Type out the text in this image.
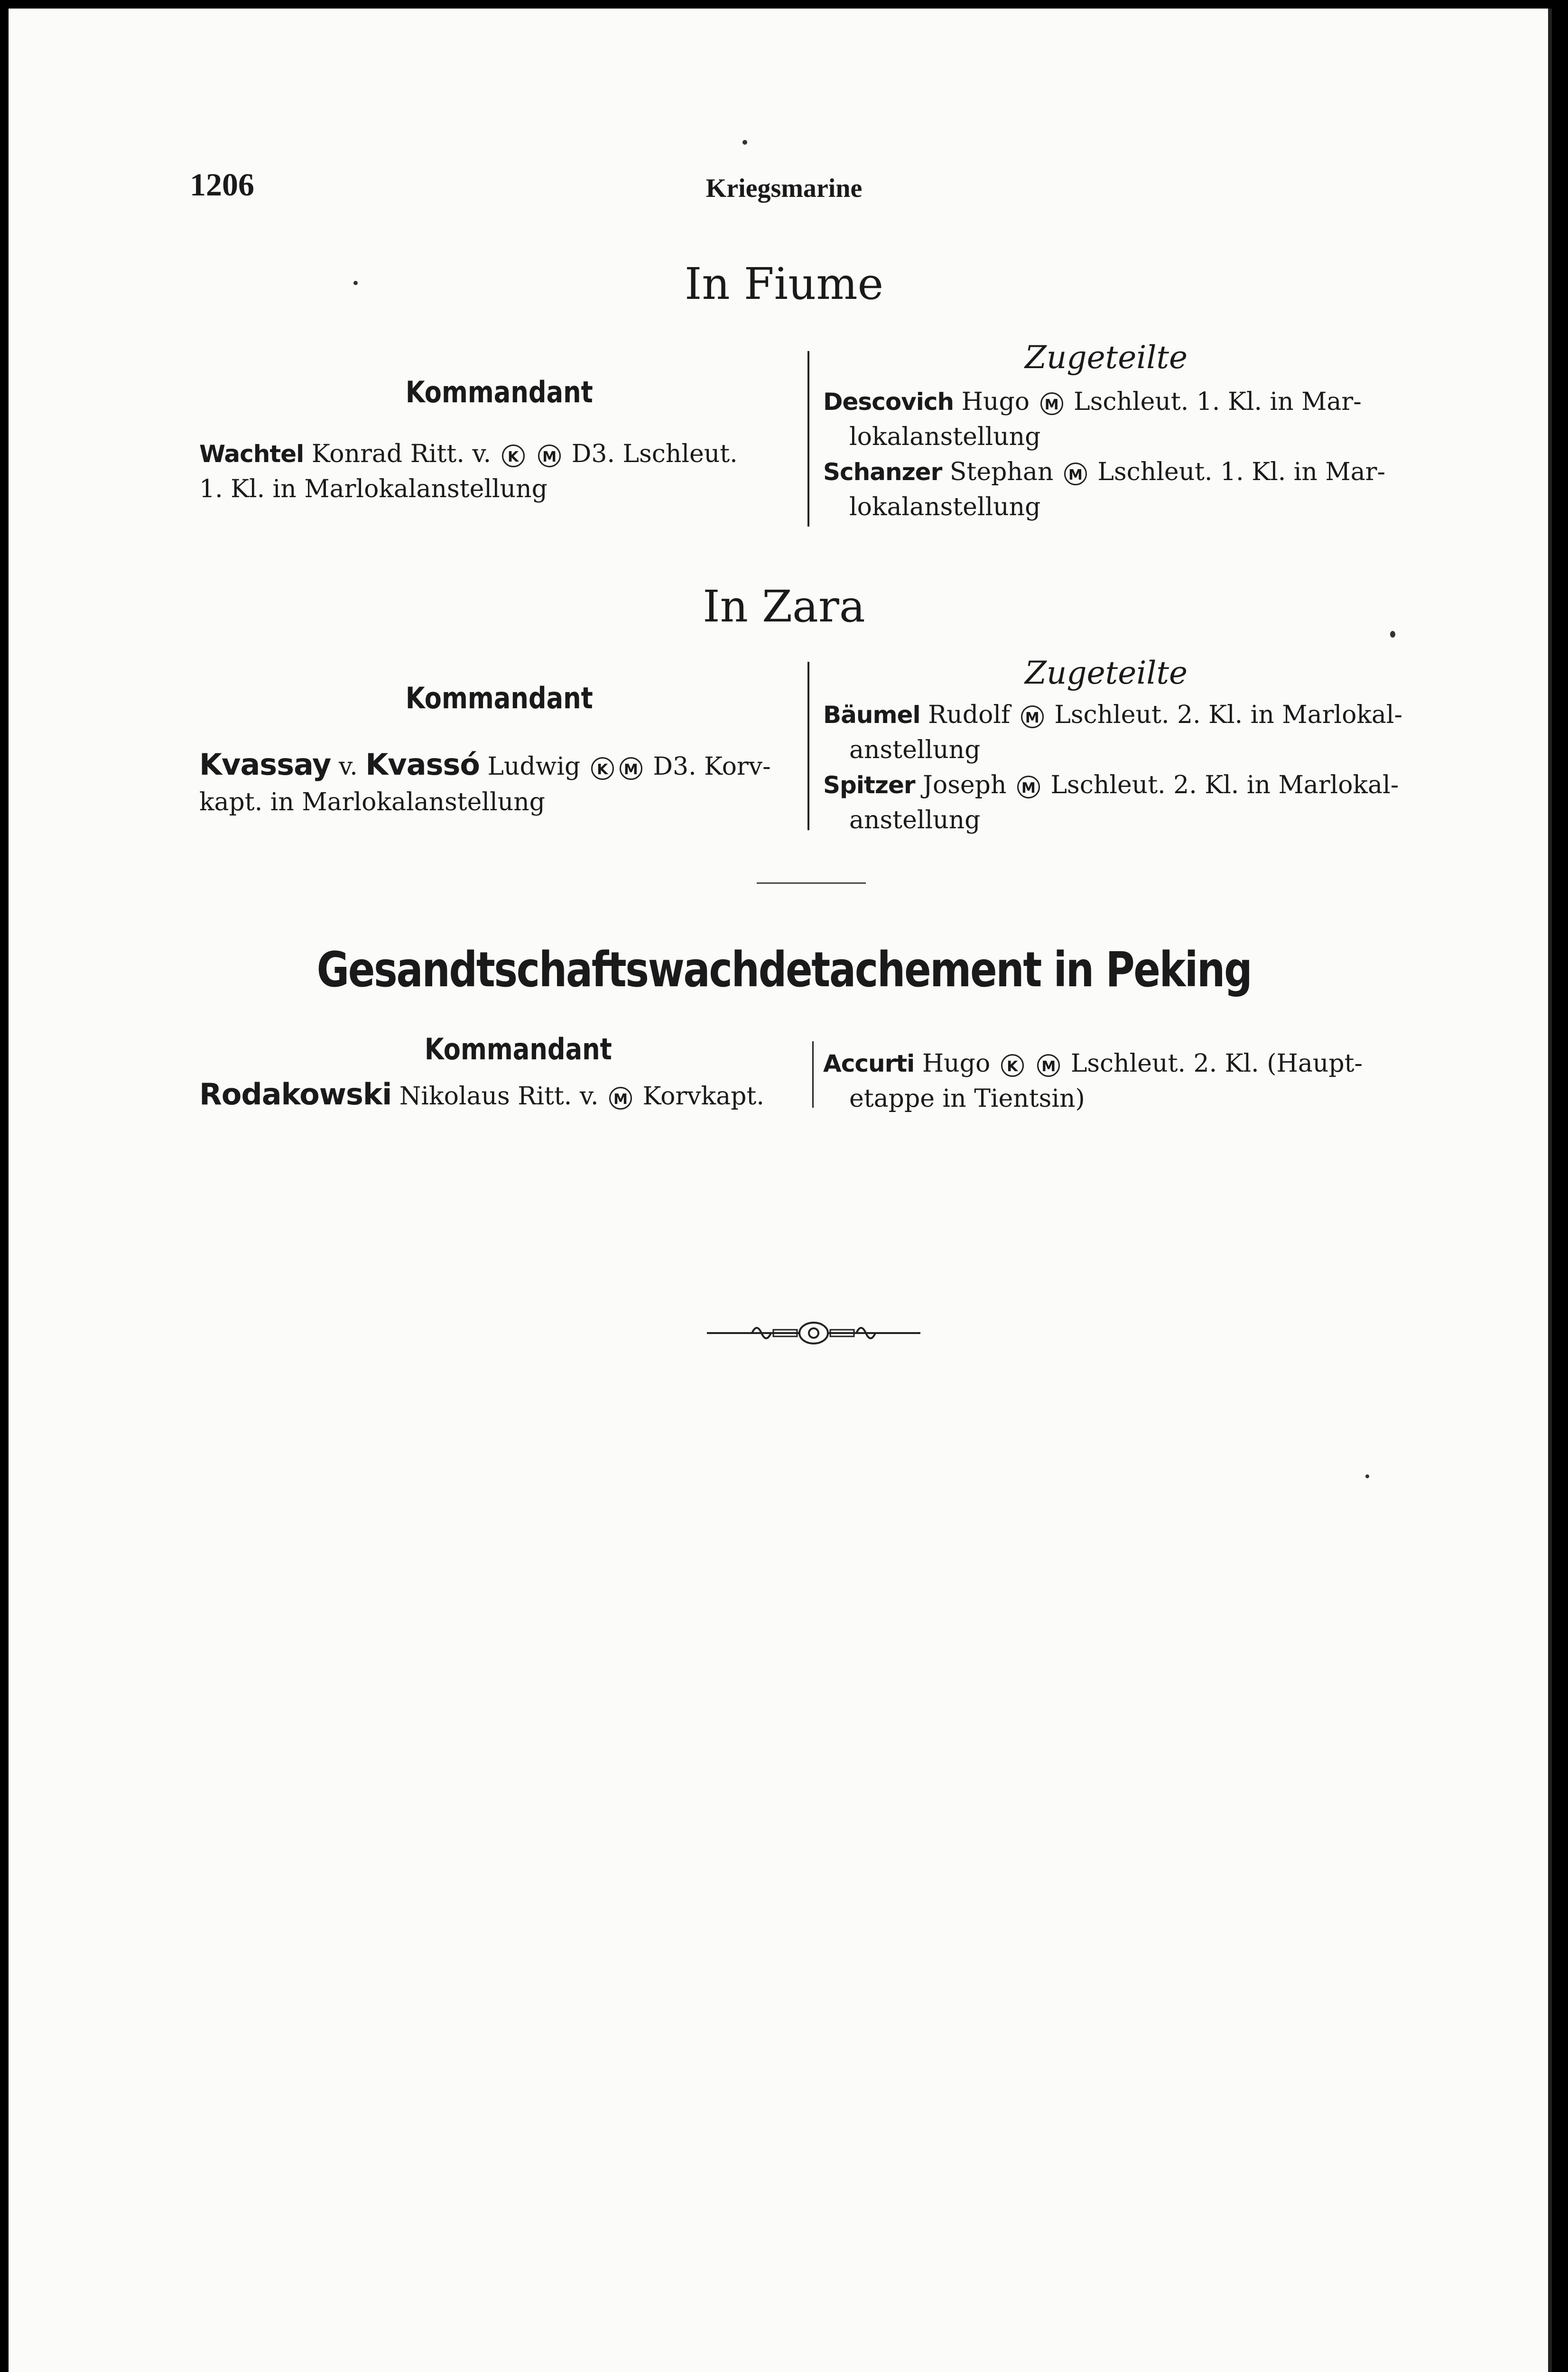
1206	Kriegsmarine
In Fiume
Kommandant
Wachtel Konrad Ritt. v. K M D3. Lschleut.
1. Kl. in Marlokalanstellung
Zugeteilte
Descovich Hugo M Lschleut. 1. Kl. in Mar-
lokalanstellung
Schanzer Stephan M Lschleut. 1. Kl. in Mar-
lokalanstellung
In Zara
Kommandant
Kvassay v. Kvassó Ludwig K M D3. Korv-
kapt. in Marlokalanstellung
Zugeteilte
Bäumel Rudolf M Lschleut. 2. Kl. in Marlokal-
anstellung
Spitzer Joseph M Lschleut. 2. Kl. in Marlokal-
anstellung
Gesandtschaftswachdetachement in Peking
Kommandant
Rodakowski Nikolaus Ritt. v. M Korvkapt.
Accurti Hugo K M Lschleut. 2. Kl. (Haupt-
etappe in Tientsin)
